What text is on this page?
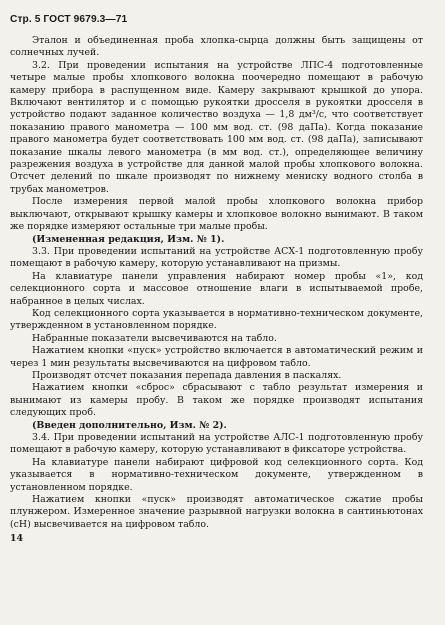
Стр. 5 ГОСТ 9679.3—71

Эталон и объединенная проба хлопка-сырца должны быть защищены от солнечных лучей.

3.2. При проведении испытания на устройстве ЛПС-4 подготовленные четыре малые пробы хлопкового волокна поочередно помещают в рабочую камеру прибора в распущенном виде. Камеру закрывают крышкой до упора. Включают вентилятор и с помощью рукоятки дросселя в рукоятки дросселя в устройство подают заданное количество воздуха — 1,8 дм³/с, что соответствует показанию правого манометра — 100 мм вод. ст. (98 даПа). Когда показание правого манометра будет соответствовать 100 мм вод. ст. (98 даПа), записывают показание шкалы левого манометра (в мм вод. ст.), определяющее величину разрежения воздуха в устройстве для данной малой пробы хлопкового волокна. Отсчет делений по шкале производят по нижнему мениску водного столба в трубах манометров.

После измерения первой малой пробы хлопкового волокна прибор выключают, открывают крышку камеры и хлопковое волокно вынимают. В таком же порядке измеряют остальные три малые пробы.

(Измененная редакция, Изм. № 1).

3.3. При проведении испытаний на устройстве АСХ-1 подготовленную пробу помещают в рабочую камеру, которую устанавливают на призмы.

На клавиатуре панели управления набирают номер пробы «1», код селекционного сорта и массовое отношение влаги в испытываемой пробе, набранное в целых числах.

Код селекционного сорта указывается в нормативно-техническом документе, утвержденном в установленном порядке.

Набранные показатели высвечиваются на табло.

Нажатием кнопки «пуск» устройство включается в автоматический режим и через 1 мин результаты высвечиваются на цифровом табло.

Производят отсчет показания перепада давления в паскалях.

Нажатием кнопки «сброс» сбрасывают с табло результат измерения и вынимают из камеры пробу. В таком же порядке производят испытания следующих проб.

(Введен дополнительно, Изм. № 2).

3.4. При проведении испытаний на устройстве АЛС-1 подготовленную пробу помещают в рабочую камеру, которую устанавливают в фиксаторе устройства.

На клавиатуре панели набирают цифровой код селекционного сорта. Код указывается в нормативно-техническом документе, утвержденном в установленном порядке.

Нажатием кнопки «пуск» производят автоматическое сжатие пробы плунжером. Измеренное значение разрывной нагрузки волокна в сантиньютонах (сН) высвечивается на цифровом табло.

14
